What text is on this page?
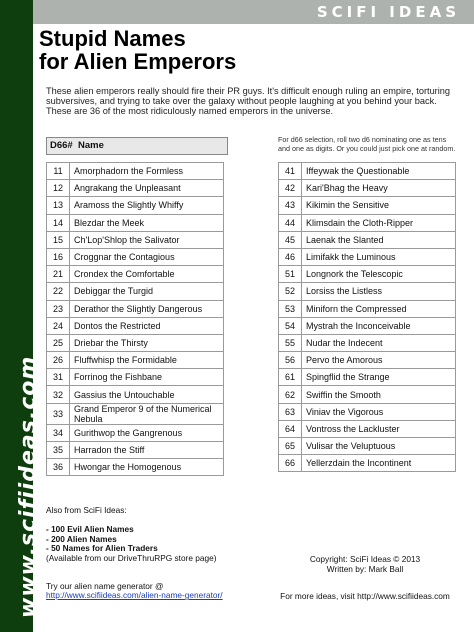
www.scifiideas.com
SCIFI IDEAS
Stupid Names
for Alien Emperors
These alien emperors really should fire their PR guys. It's difficult enough ruling an empire, torturing subversives, and trying to take over the galaxy without people laughing at you behind your back. These are 36 of the most ridiculously named emperors in the universe.
D66# Name
For d66 selection, roll two d6 nominating one as tens and one as digits. Or you could just pick one at random.
11	Amorphadorn the Formless
12	Angrakang the Unpleasant
13	Aramoss the Slightly Whiffy
14	Blezdar the Meek
15	Ch'Lop'Shlop the Salivator
16	Croggnar the Contagious
21	Crondex the Comfortable
22	Debiggar the Turgid
23	Derathor the Slightly Dangerous
24	Dontos the Restricted
25	Driebar the Thirsty
26	Fluffwhisp the Formidable
31	Forrinog the Fishbane
32	Gassius the Untouchable
33	Grand Emperor 9 of the Numerical Nebula
34	Gurithwop the Gangrenous
35	Harradon the Stiff
36	Hwongar the Homogenous
41	Iffeywak the Questionable
42	Kari'Bhag the Heavy
43	Kikimin the Sensitive
44	Klimsdain the Cloth-Ripper
45	Laenak the Slanted
46	Limifakk the Luminous
51	Longnork the Telescopic
52	Lorsiss the Listless
53	Miniforn the Compressed
54	Mystrah the Inconceivable
55	Nudar the Indecent
56	Pervo the Amorous
61	Spingflid the Strange
62	Swiffin the Smooth
63	Viniav the Vigorous
64	Vontross the Lackluster
65	Vulisar the Veluptuous
66	Yellerzdain the Incontinent
Also from SciFi Ideas:
- 100 Evil Alien Names
- 200 Alien Names
- 50 Names for Alien Traders
(Available from our DriveThruRPG store page)
Try our alien name generator @
http://www.scifiideas.com/alien-name-generator/
Copyright: SciFi Ideas © 2013
Written by: Mark Ball
For more ideas, visit http://www.scifiideas.com
